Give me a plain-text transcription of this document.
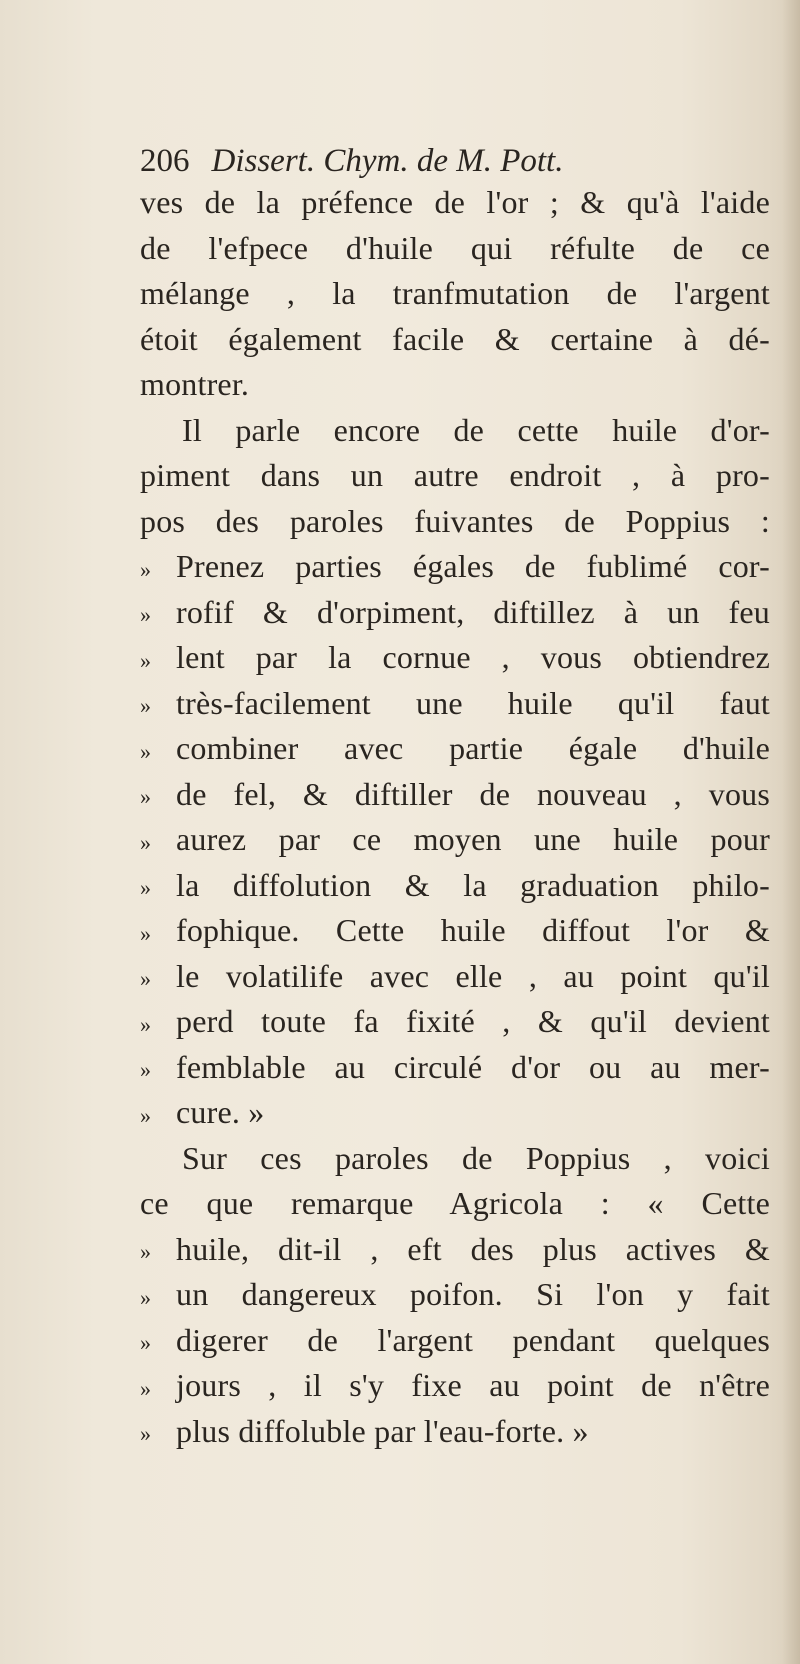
206 Dissert. Chym. de M. Pott.
ves de la préfence de l'or ; & qu'à l'aide
de l'efpece d'huile qui réfulte de ce
mélange , la tranfmutation de l'argent
étoit également facile & certaine à dé-
montrer.
Il parle encore de cette huile d'or-
piment dans un autre endroit , à pro-
pos des paroles fuivantes de Poppius :
» Prenez parties égales de fublimé cor-
» rofif & d'orpiment, diftillez à un feu
» lent par la cornue , vous obtiendrez
» très-facilement une huile qu'il faut
» combiner avec partie égale d'huile
» de fel, & diftiller de nouveau , vous
» aurez par ce moyen une huile pour
» la diffolution & la graduation philo-
» fophique. Cette huile diffout l'or &
» le volatilife avec elle , au point qu'il
» perd toute fa fixité , & qu'il devient
» femblable au circulé d'or ou au mer-
» cure. »
Sur ces paroles de Poppius , voici
ce que remarque Agricola : « Cette
» huile, dit-il , eft des plus actives &
» un dangereux poifon. Si l'on y fait
» digerer de l'argent pendant quelques
» jours , il s'y fixe au point de n'être
» plus diffoluble par l'eau-forte. »
